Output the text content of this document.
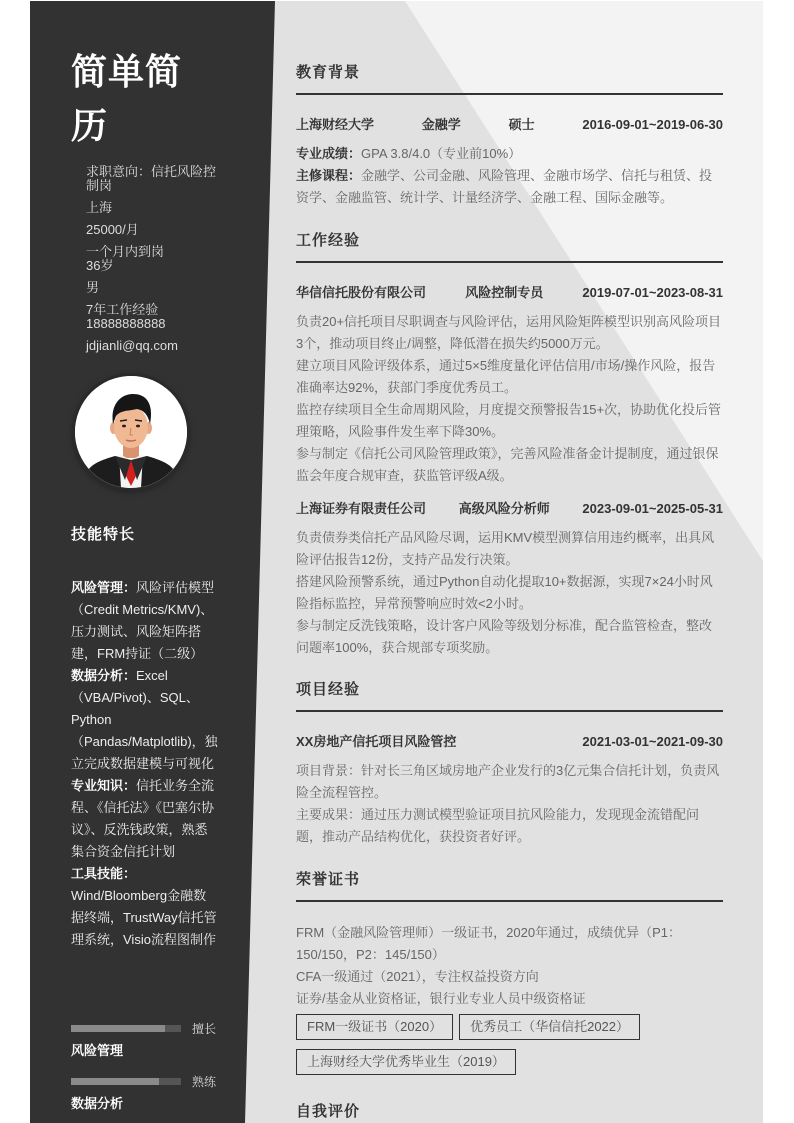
简单简历
求职意向：信托风险控制岗
上海
25000/月
一个月内到岗
36岁
男
7年工作经验
18888888888
jdjianli@qq.com
技能特长
风险管理：风险评估模型（Credit Metrics/KMV)、压力测试、风险矩阵搭建，FRM持证（二级）
数据分析：Excel（VBA/Pivot)、SQL、Python（Pandas/Matplotlib)，独立完成数据建模与可视化
专业知识：信托业务全流程、《信托法》《巴塞尔协议》、反洗钱政策，熟悉集合资金信托计划
工具技能：Wind/Bloomberg金融数据终端，TrustWay信托管理系统，Visio流程图制作
擅长
风险管理
熟练
数据分析
教育背景
上海财经大学	金融学	硕士	2016-09-01~2019-06-30
专业成绩：GPA 3.8/4.0（专业前10%）
主修课程：金融学、公司金融、风险管理、金融市场学、信托与租赁、投资学、金融监管、统计学、计量经济学、金融工程、国际金融等。
工作经验
华信信托股份有限公司	风险控制专员	2019-07-01~2023-08-31
负责20+信托项目尽职调查与风险评估，运用风险矩阵模型识别高风险项目3个，推动项目终止/调整，降低潜在损失约5000万元。
建立项目风险评级体系，通过5×5维度量化评估信用/市场/操作风险，报告准确率达92%，获部门季度优秀员工。
监控存续项目全生命周期风险，月度提交预警报告15+次，协助优化投后管理策略，风险事件发生率下降30%。
参与制定《信托公司风险管理政策》，完善风险准备金计提制度，通过银保监会年度合规审查，获监管评级A级。
上海证券有限责任公司	高级风险分析师	2023-09-01~2025-05-31
负责债券类信托产品风险尽调，运用KMV模型测算信用违约概率，出具风险评估报告12份，支持产品发行决策。
搭建风险预警系统，通过Python自动化提取10+数据源，实现7×24小时风险指标监控，异常预警响应时效<2小时。
参与制定反洗钱策略，设计客户风险等级划分标准，配合监管检查，整改问题率100%，获合规部专项奖励。
项目经验
XX房地产信托项目风险管控	2021-03-01~2021-09-30
项目背景：针对长三角区域房地产企业发行的3亿元集合信托计划，负责风险全流程管控。
主要成果：通过压力测试模型验证项目抗风险能力，发现现金流错配问题，推动产品结构优化，获投资者好评。
荣誉证书
FRM（金融风险管理师）一级证书，2020年通过，成绩优异（P1：150/150，P2：145/150）
CFA一级通过（2021），专注权益投资方向
证券/基金从业资格证，银行业专业人员中级资格证
FRM一级证书（2020） 优秀员工（华信信托2022）
上海财经大学优秀毕业生（2019）
自我评价
